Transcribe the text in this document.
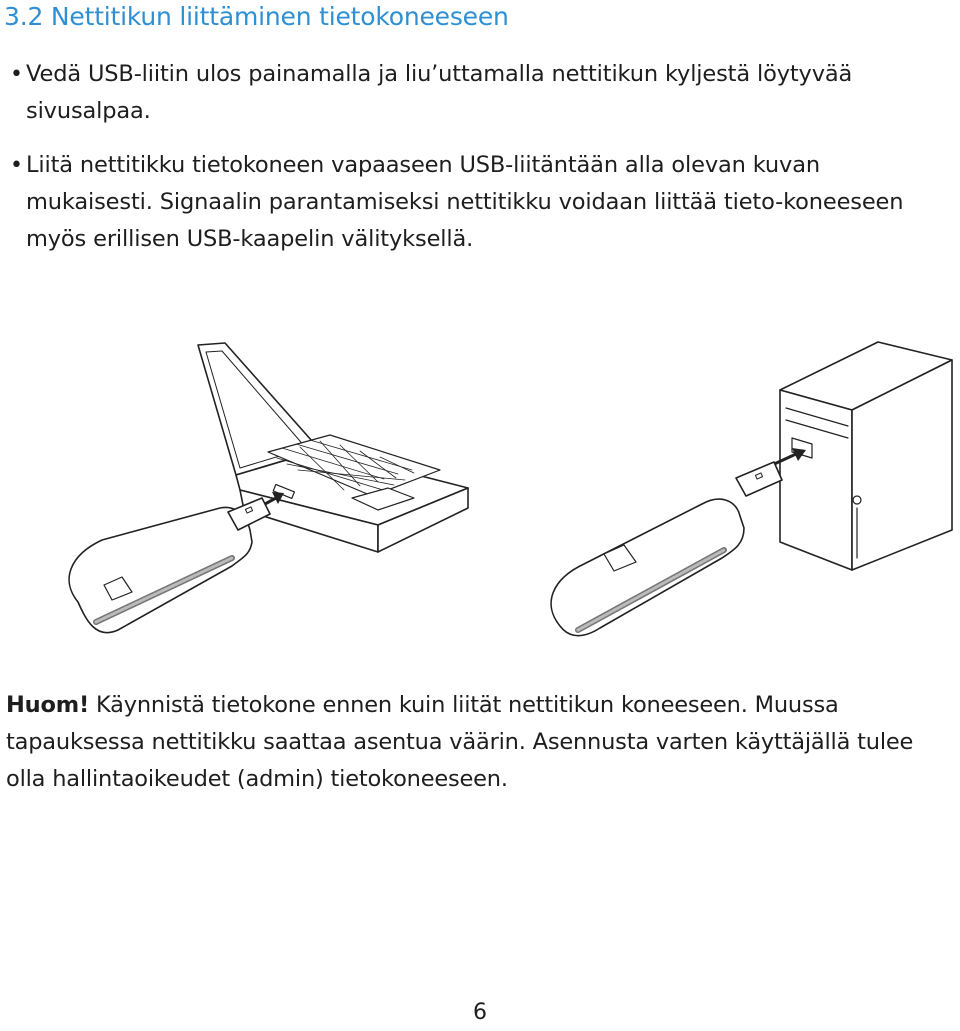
3.2 Nettitikun liittäminen tietokoneeseen
• Vedä USB-liitin ulos painamalla ja liu’uttamalla nettitikun kyljestä löytyvää sivusalpaa.
• Liitä nettitikku tietokoneen vapaaseen USB-liitäntään alla olevan kuvan mukaisesti. Signaalin parantamiseksi nettitikku voidaan liittää tieto-koneeseen myös erillisen USB-kaapelin välityksellä.
Huom! Käynnistä tietokone ennen kuin liität nettitikun koneeseen. Muussa tapauksessa nettitikku saattaa asentua väärin. Asennusta varten käyttäjällä tulee olla hallintaoikeudet (admin) tietokoneeseen.
6
